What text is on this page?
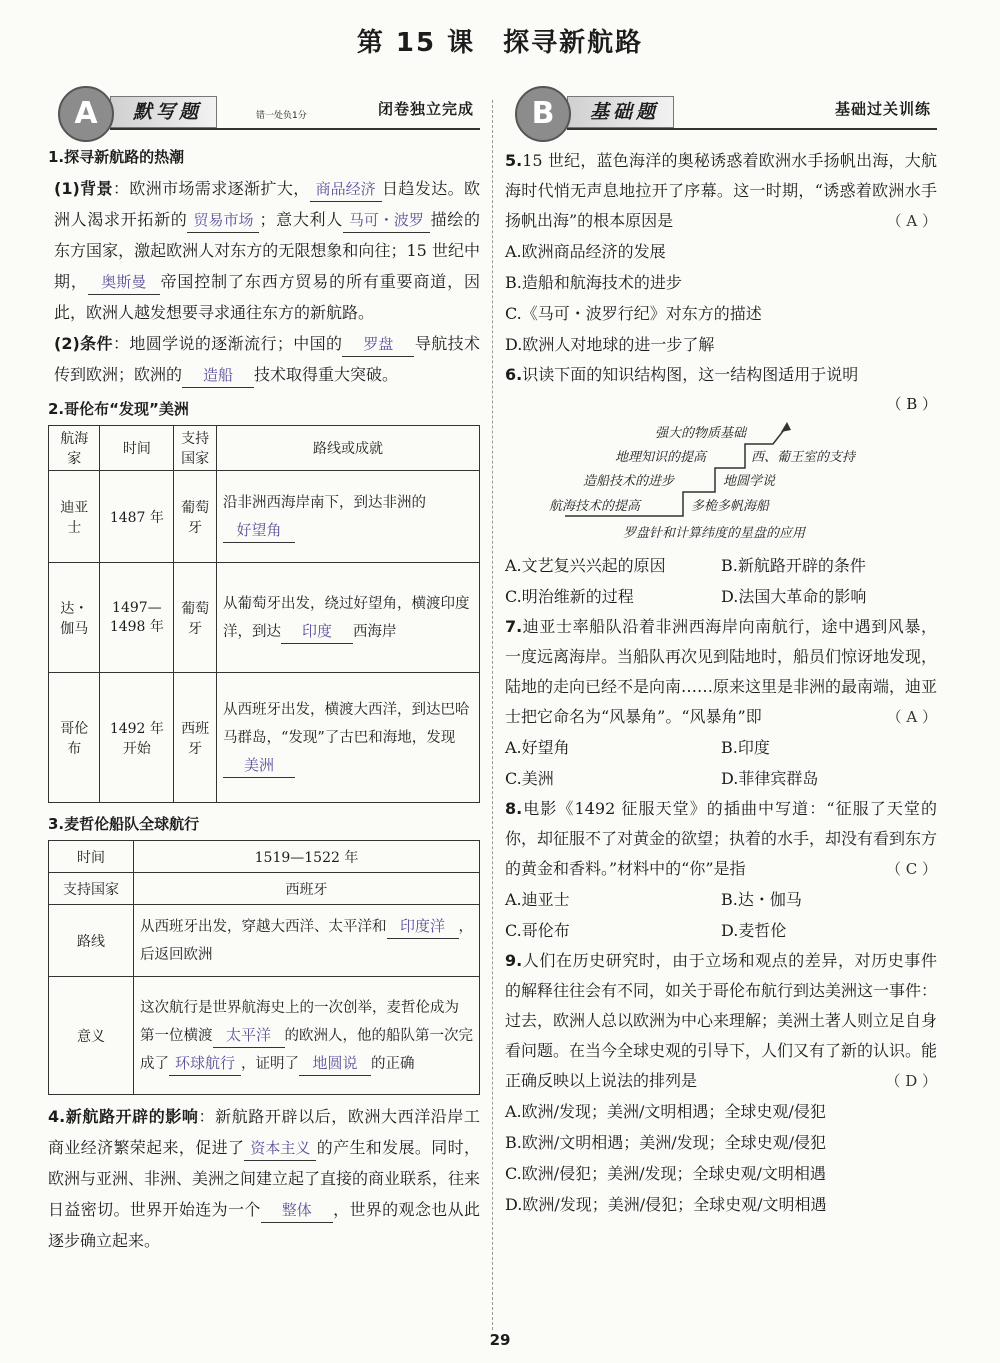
第 15 课　探寻新航路
默写题
A	错一处负1分	闭卷独立完成
1.探寻新航路的热潮

(1)背景：欧洲市场需求逐渐扩大， 商品经济 日趋发达。欧洲人渴求开拓新的 贸易市场 ；意大利人 马可・波罗 描绘的东方国家，激起欧洲人对东方的无限想象和向往；15 世纪中期， 奥斯曼 帝国控制了东西方贸易的所有重要商道，因此，欧洲人越发想要寻求通往东方的新航路。

(2)条件：地圆学说的逐渐流行；中国的 罗盘 导航技术传到欧洲；欧洲的 造船 技术取得重大突破。

2.哥伦布“发现”美洲
航海家	时间	支持国家	路线或成就
迪亚士	1487 年	葡萄牙	沿非洲西海岸南下，到达非洲的好望角
达・伽马	1497—1498 年	葡萄牙	从葡萄牙出发，绕过好望角，横渡印度洋，到达 印度 西海岸
哥伦布	1492 年开始	西班牙	从西班牙出发，横渡大西洋，到达巴哈马群岛，“发现”了古巴和海地，发现美洲
3.麦哲伦船队全球航行
时间	1519—1522 年
支持国家	西班牙
路线	从西班牙出发，穿越大西洋、太平洋和 印度洋 ，后返回欧洲
意义	这次航行是世界航海史上的一次创举，麦哲伦成为第一位横渡 太平洋 的欧洲人，他的船队第一次完成了 环球航行 ，证明了 地圆说 的正确

4.新航路开辟的影响：新航路开辟以后，欧洲大西洋沿岸工商业经济繁荣起来，促进了 资本主义 的产生和发展。同时，欧洲与亚洲、非洲、美洲之间建立起了直接的商业联系，往来日益密切。世界开始连为一个 整体 ，世界的观念也从此逐步确立起来。

基础题
B	基础过关训练

5.15 世纪，蓝色海洋的奥秘诱惑着欧洲水手扬帆出海，大航海时代悄无声息地拉开了序幕。这一时期，“诱惑着欧洲水手扬帆出海”的根本原因是	（ A ）

A.欧洲商品经济的发展
B.造船和航海技术的进步
C.《马可・波罗行纪》对东方的描述
D.欧洲人对地球的进一步了解

6.识读下面的知识结构图，这一结构图适用于说明

（ B ）
强大的物质基础
地理知识的提高	西、葡王室的支持
造船技术的进步	地圆学说
航海技术的提高	多桅多帆海船
罗盘针和计算纬度的星盘的应用
A.文艺复兴兴起的原因	B.新航路开辟的条件
C.明治维新的过程	D.法国大革命的影响

7.迪亚士率船队沿着非洲西海岸向南航行，途中遇到风暴，一度远离海岸。当船队再次见到陆地时，船员们惊讶地发现，陆地的走向已经不是向南……原来这里是非洲的最南端，迪亚士把它命名为“风暴角”。“风暴角”即	（ A ）

A.好望角	B.印度
C.美洲	D.菲律宾群岛

8.电影《1492 征服天堂》的插曲中写道：“征服了天堂的你，却征服不了对黄金的欲望；执着的水手，却没有看到东方的黄金和香料。”材料中的“你”是指	（ C ）

A.迪亚士	B.达・伽马
C.哥伦布	D.麦哲伦

9.人们在历史研究时，由于立场和观点的差异，对历史事件的解释往往会有不同，如关于哥伦布航行到达美洲这一事件：过去，欧洲人总以欧洲为中心来理解；美洲土著人则立足自身看问题。在当今全球史观的引导下，人们又有了新的认识。能正确反映以上说法的排列是	（ D ）

A.欧洲/发现；美洲/文明相遇；全球史观/侵犯
B.欧洲/文明相遇；美洲/发现；全球史观/侵犯
C.欧洲/侵犯；美洲/发现；全球史观/文明相遇
D.欧洲/发现；美洲/侵犯；全球史观/文明相遇
29
